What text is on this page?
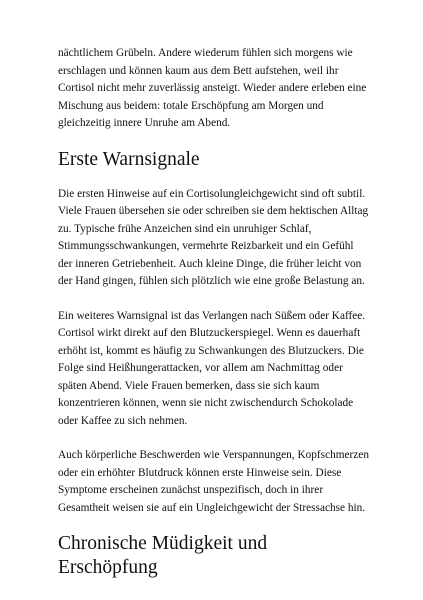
nächtlichem Grübeln. Andere wiederum fühlen sich morgens wie erschlagen und können kaum aus dem Bett aufstehen, weil ihr Cortisol nicht mehr zuverlässig ansteigt. Wieder andere erleben eine Mischung aus beidem: totale Erschöpfung am Morgen und gleichzeitig innere Unruhe am Abend.

Erste Warnsignale

Die ersten Hinweise auf ein Cortisolungleichgewicht sind oft subtil. Viele Frauen übersehen sie oder schreiben sie dem hektischen Alltag zu. Typische frühe Anzeichen sind ein unruhiger Schlaf, Stimmungsschwankungen, vermehrte Reizbarkeit und ein Gefühl der inneren Getriebenheit. Auch kleine Dinge, die früher leicht von der Hand gingen, fühlen sich plötzlich wie eine große Belastung an.

Ein weiteres Warnsignal ist das Verlangen nach Süßem oder Kaffee. Cortisol wirkt direkt auf den Blutzuckerspiegel. Wenn es dauerhaft erhöht ist, kommt es häufig zu Schwankungen des Blutzuckers. Die Folge sind Heißhungerattacken, vor allem am Nachmittag oder späten Abend. Viele Frauen bemerken, dass sie sich kaum konzentrieren können, wenn sie nicht zwischendurch Schokolade oder Kaffee zu sich nehmen.

Auch körperliche Beschwerden wie Verspannungen, Kopfschmerzen oder ein erhöhter Blutdruck können erste Hinweise sein. Diese Symptome erscheinen zunächst unspezifisch, doch in ihrer Gesamtheit weisen sie auf ein Ungleichgewicht der Stressachse hin.

Chronische Müdigkeit und Erschöpfung
